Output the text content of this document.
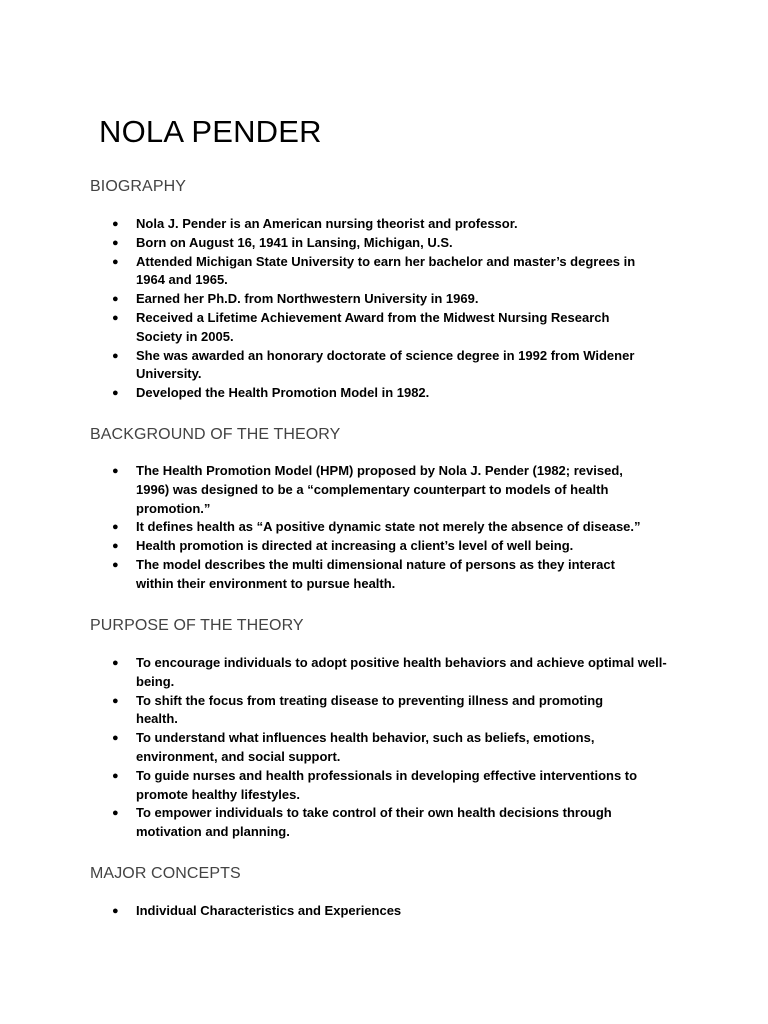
NOLA PENDER
BIOGRAPHY
● Nola J. Pender is an American nursing theorist and professor.
● Born on August 16, 1941 in Lansing, Michigan, U.S.
● Attended Michigan State University to earn her bachelor and master’s degrees in 1964 and 1965.
● Earned her Ph.D. from Northwestern University in 1969.
● Received a Lifetime Achievement Award from the Midwest Nursing Research Society in 2005.
● She was awarded an honorary doctorate of science degree in 1992 from Widener University.
● Developed the Health Promotion Model in 1982.
BACKGROUND OF THE THEORY
● The Health Promotion Model (HPM) proposed by Nola J. Pender (1982; revised, 1996) was designed to be a “complementary counterpart to models of health promotion.”
● It defines health as “A positive dynamic state not merely the absence of disease.”
● Health promotion is directed at increasing a client’s level of well being.
● The model describes the multi dimensional nature of persons as they interact within their environment to pursue health.
PURPOSE OF THE THEORY
● To encourage individuals to adopt positive health behaviors and achieve optimal well-being.
● To shift the focus from treating disease to preventing illness and promoting health.
● To understand what influences health behavior, such as beliefs, emotions, environment, and social support.
● To guide nurses and health professionals in developing effective interventions to promote healthy lifestyles.
● To empower individuals to take control of their own health decisions through motivation and planning.
MAJOR CONCEPTS
● Individual Characteristics and Experiences
